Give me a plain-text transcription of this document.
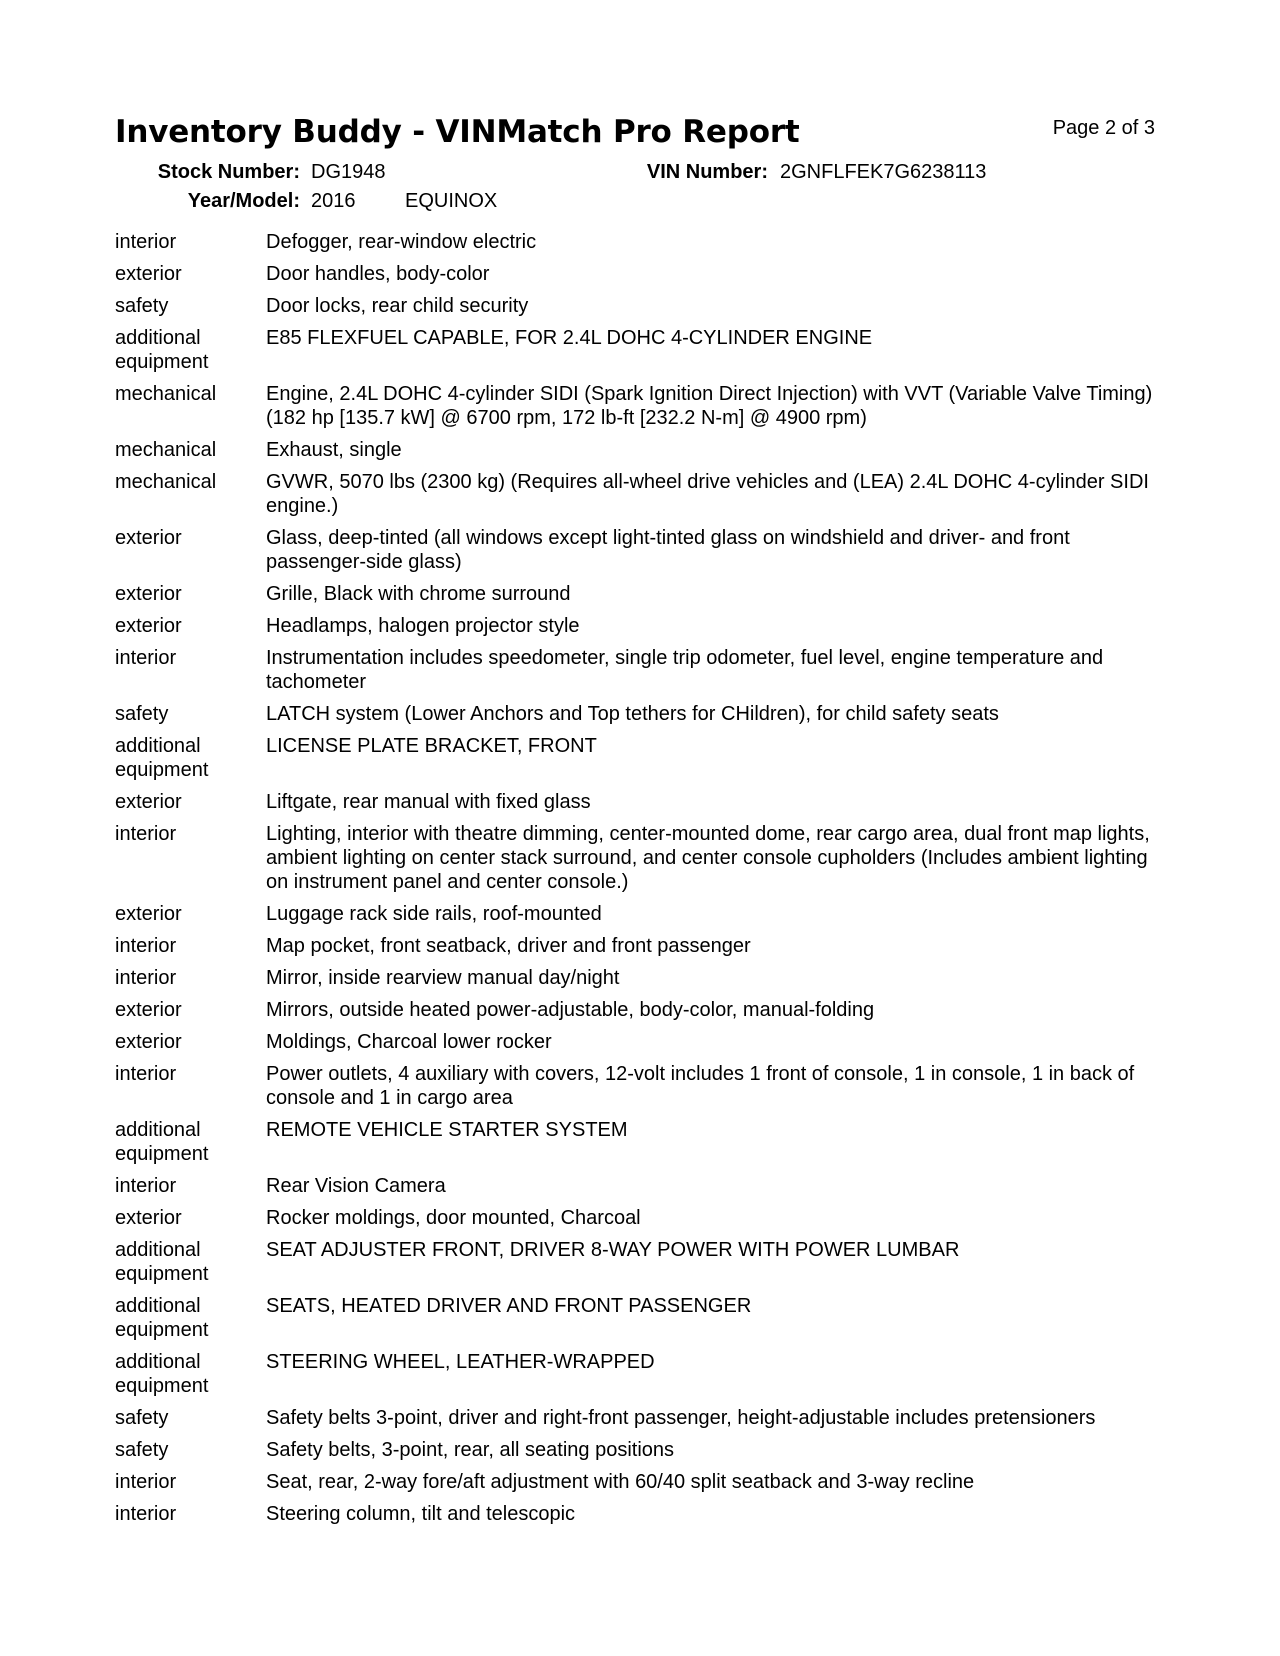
Inventory Buddy - VINMatch Pro Report	Page 2 of 3
Stock Number: DG1948	VIN Number: 2GNFLFEK7G6238113
Year/Model: 2016 EQUINOX
interior	Defogger, rear-window electric
exterior	Door handles, body-color
safety	Door locks, rear child security
additional equipment	E85 FLEXFUEL CAPABLE, FOR 2.4L DOHC 4-CYLINDER ENGINE
mechanical	Engine, 2.4L DOHC 4-cylinder SIDI (Spark Ignition Direct Injection) with VVT (Variable Valve Timing) (182 hp [135.7 kW] @ 6700 rpm, 172 lb-ft [232.2 N-m] @ 4900 rpm)
mechanical	Exhaust, single
mechanical	GVWR, 5070 lbs (2300 kg) (Requires all-wheel drive vehicles and (LEA) 2.4L DOHC 4-cylinder SIDI engine.)
exterior	Glass, deep-tinted (all windows except light-tinted glass on windshield and driver- and front passenger-side glass)
exterior	Grille, Black with chrome surround
exterior	Headlamps, halogen projector style
interior	Instrumentation includes speedometer, single trip odometer, fuel level, engine temperature and tachometer
safety	LATCH system (Lower Anchors and Top tethers for CHildren), for child safety seats
additional equipment	LICENSE PLATE BRACKET, FRONT
exterior	Liftgate, rear manual with fixed glass
interior	Lighting, interior with theatre dimming, center-mounted dome, rear cargo area, dual front map lights, ambient lighting on center stack surround, and center console cupholders (Includes ambient lighting on instrument panel and center console.)
exterior	Luggage rack side rails, roof-mounted
interior	Map pocket, front seatback, driver and front passenger
interior	Mirror, inside rearview manual day/night
exterior	Mirrors, outside heated power-adjustable, body-color, manual-folding
exterior	Moldings, Charcoal lower rocker
interior	Power outlets, 4 auxiliary with covers, 12-volt includes 1 front of console, 1 in console, 1 in back of console and 1 in cargo area
additional equipment	REMOTE VEHICLE STARTER SYSTEM
interior	Rear Vision Camera
exterior	Rocker moldings, door mounted, Charcoal
additional equipment	SEAT ADJUSTER FRONT, DRIVER 8-WAY POWER WITH POWER LUMBAR
additional equipment	SEATS, HEATED DRIVER AND FRONT PASSENGER
additional equipment	STEERING WHEEL, LEATHER-WRAPPED
safety	Safety belts 3-point, driver and right-front passenger, height-adjustable includes pretensioners
safety	Safety belts, 3-point, rear, all seating positions
interior	Seat, rear, 2-way fore/aft adjustment with 60/40 split seatback and 3-way recline
interior	Steering column, tilt and telescopic
